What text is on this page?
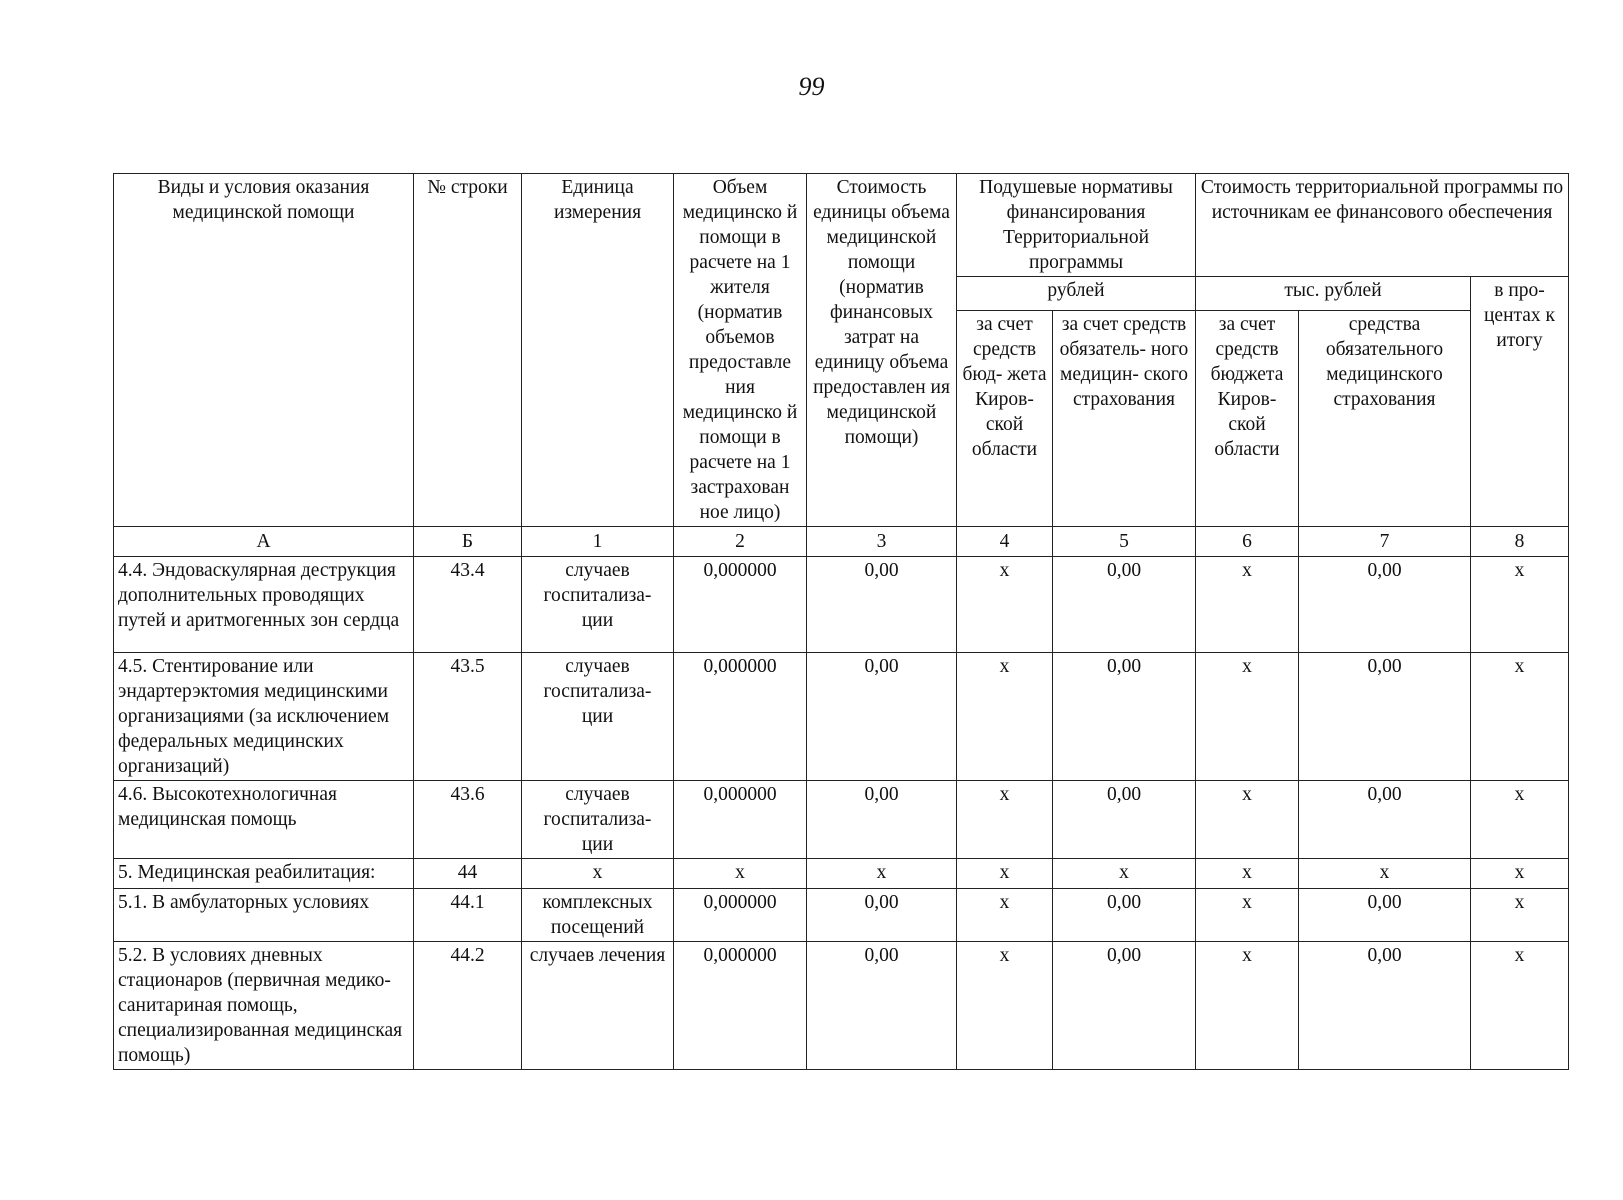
99
Виды и условия оказания медицинской помощи	№ строки	Единица измерения	Объем медицинско й помощи в расчете на 1 жителя (норматив объемов предоставле ния медицинско й помощи в расчете на 1 застрахован ное лицо)	Стоимость единицы объема медицинской помощи (норматив финансовых затрат на единицу объема предоставлен ия медицинской помощи)	Подушевые нормативы финансирования Территориальной программы		Стоимость территориальной программы по источникам ее финансового обеспечения		
					рублей		тыс. рублей		в про- центах к итогу
					за счет средств бюд- жета Киров- ской области	за счет средств обязатель- ного медицин- ского страхования	за счет средств бюджета Киров- ской области	средства обязательного медицинского страхования	
А	Б	1	2	3	4	5	6	7	8
4.4. Эндоваскулярная деструкция дополнительных проводящих путей и аритмогенных зон сердца	43.4	случаев госпитализа- ции	0,000000	0,00	х	0,00	х	0,00	х
4.5. Стентирование или эндартерэктомия медицинскими организациями (за исключением федеральных медицинских организаций)	43.5	случаев госпитализа- ции	0,000000	0,00	х	0,00	х	0,00	х
4.6. Высокотехнологичная медицинская помощь	43.6	случаев госпитализа- ции	0,000000	0,00	х	0,00	х	0,00	х
5. Медицинская реабилитация:	44	х	х	х	х	х	х	х	х
5.1. В амбулаторных условиях	44.1	комплексных посещений	0,000000	0,00	х	0,00	х	0,00	х
5.2. В условиях дневных стационаров (первичная медико-санитариная помощь, специализированная медицинская помощь)	44.2	случаев лечения	0,000000	0,00	х	0,00	х	0,00	х
